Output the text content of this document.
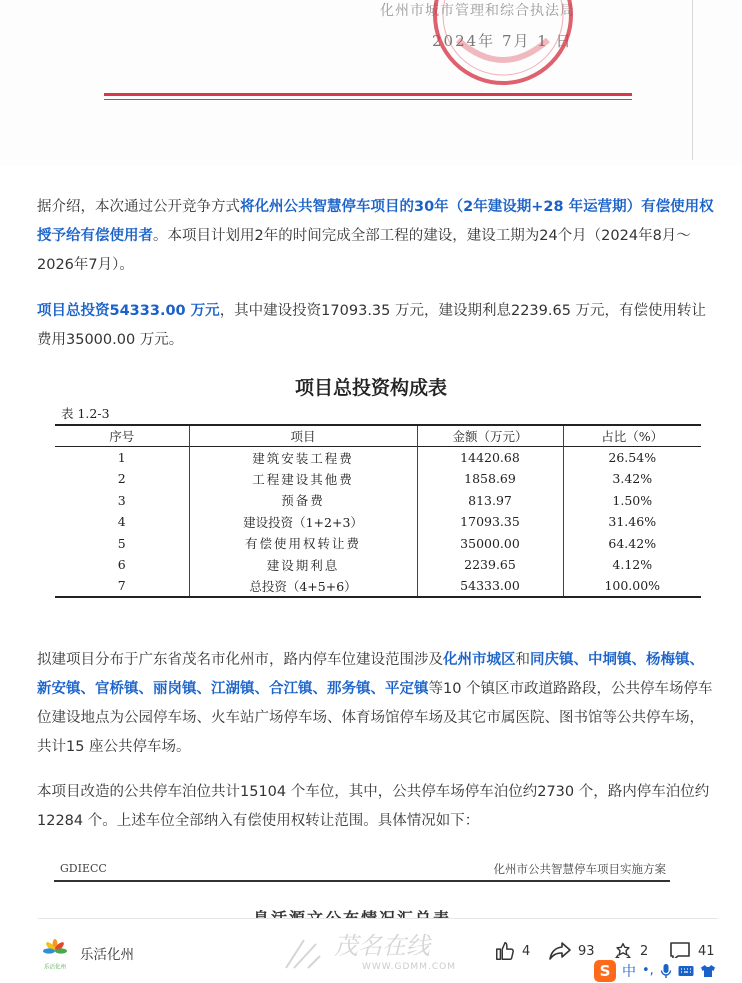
化州市城市管理和综合执法局
2024年 7月 1 日
据介绍，本次通过公开竞争方式将化州公共智慧停车项目的30年（2年建设期+28 年运营期）有偿使用权授予给有偿使用者。本项目计划用2年的时间完成全部工程的建设，建设工期为24个月（2024年8月～2026年7月）。
项目总投资54333.00 万元，其中建设投资17093.35 万元，建设期利息2239.65 万元，有偿使用转让费用35000.00 万元。
项目总投资构成表
表 1.2-3
序号	项目	金额（万元）	占比（%）
1	建筑安装工程费	14420.68	26.54%
2	工程建设其他费	1858.69	3.42%
3	预备费	813.97	1.50%
4	建设投资（1+2+3）	17093.35	31.46%
5	有偿使用权转让费	35000.00	64.42%
6	建设期利息	2239.65	4.12%
7	总投资（4+5+6）	54333.00	100.00%
拟建项目分布于广东省茂名市化州市，路内停车位建设范围涉及化州市城区和同庆镇、中垌镇、杨梅镇、新安镇、官桥镇、丽岗镇、江湖镇、合江镇、那务镇、平定镇等10 个镇区市政道路路段，公共停车场停车位建设地点为公园停车场、火车站广场停车场、体育场馆停车场及其它市属医院、图书馆等公共停车场，共计15 座公共停车场。
本项目改造的公共停车泊位共计15104 个车位，其中，公共停车场停车泊位约2730 个，路内停车泊位约12284 个。上述车位全部纳入有偿使用权转让范围。具体情况如下：
GDIECC	化州市公共智慧停车项目实施方案
乐活化州
乐活化州	茂名在线
WWW.GDMM.COM
4	93	2	41
S 中 •,
